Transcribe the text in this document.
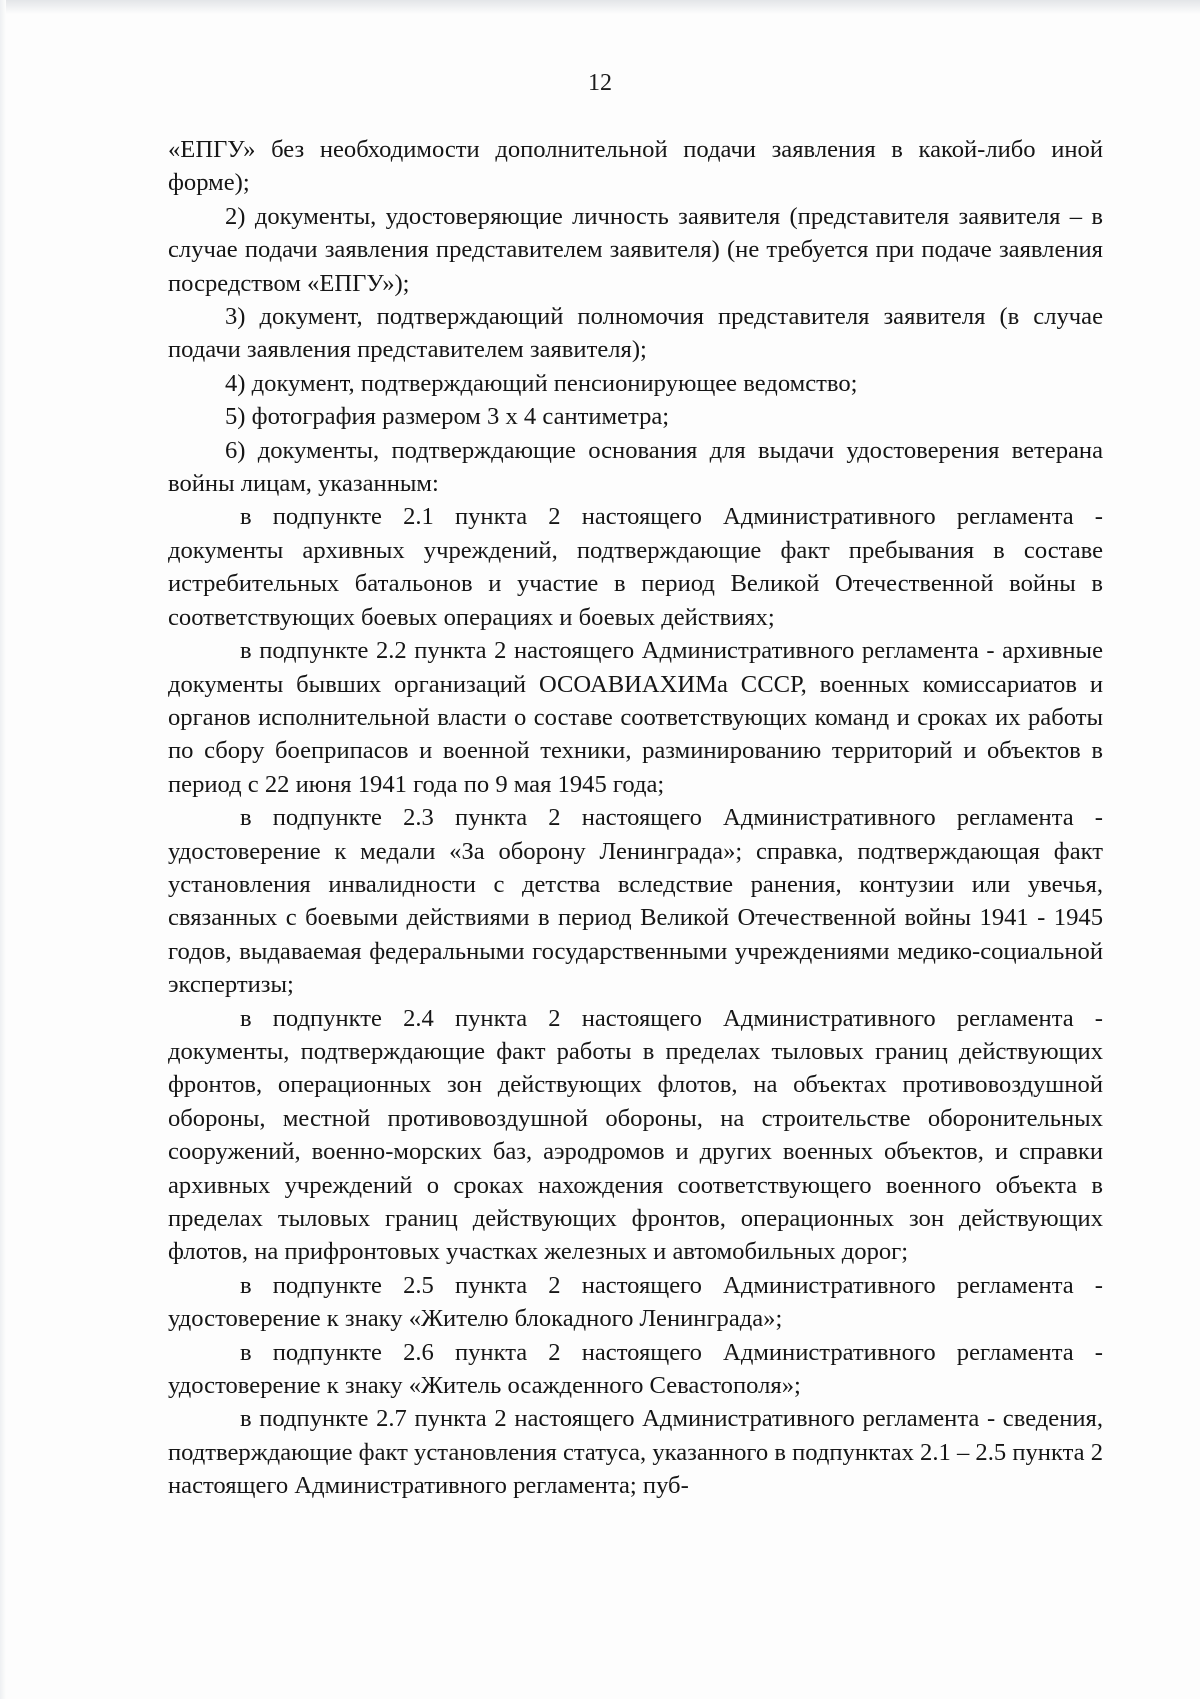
12

«ЕПГУ» без необходимости дополнительной подачи заявления в какой-либо иной форме);

2) документы, удостоверяющие личность заявителя (представителя заявителя – в случае подачи заявления представителем заявителя) (не требуется при подаче заявления посредством «ЕПГУ»);

3) документ, подтверждающий полномочия представителя заявителя (в случае подачи заявления представителем заявителя);

4) документ, подтверждающий пенсионирующее ведомство;

5) фотография размером 3 х 4 сантиметра;

6) документы, подтверждающие основания для выдачи удостоверения ветерана войны лицам, указанным:

в подпункте 2.1 пункта 2 настоящего Административного регламента - документы архивных учреждений, подтверждающие факт пребывания в составе истребительных батальонов и участие в период Великой Отечественной войны в соответствующих боевых операциях и боевых действиях;

в подпункте 2.2 пункта 2 настоящего Административного регламента - архивные документы бывших организаций ОСОАВИАХИМа СССР, военных комиссариатов и органов исполнительной власти о составе соответствующих команд и сроках их работы по сбору боеприпасов и военной техники, разминированию территорий и объектов в период с 22 июня 1941 года по 9 мая 1945 года;

в подпункте 2.3 пункта 2 настоящего Административного регламента - удостоверение к медали «За оборону Ленинграда»; справка, подтверждающая факт установления инвалидности с детства вследствие ранения, контузии или увечья, связанных с боевыми действиями в период Великой Отечественной войны 1941 - 1945 годов, выдаваемая федеральными государственными учреждениями медико-социальной экспертизы;

в подпункте 2.4 пункта 2 настоящего Административного регламента - документы, подтверждающие факт работы в пределах тыловых границ действующих фронтов, операционных зон действующих флотов, на объектах противовоздушной обороны, местной противовоздушной обороны, на строительстве оборонительных сооружений, военно-морских баз, аэродромов и других военных объектов, и справки архивных учреждений о сроках нахождения соответствующего военного объекта в пределах тыловых границ действующих фронтов, операционных зон действующих флотов, на прифронтовых участках железных и автомобильных дорог;

в подпункте 2.5 пункта 2 настоящего Административного регламента - удостоверение к знаку «Жителю блокадного Ленинграда»;

в подпункте 2.6 пункта 2 настоящего Административного регламента - удостоверение к знаку «Житель осажденного Севастополя»;

в подпункте 2.7 пункта 2 настоящего Административного регламента - сведения, подтверждающие факт установления статуса, указанного в подпунктах 2.1 – 2.5 пункта 2 настоящего Административного регламента; пуб-
